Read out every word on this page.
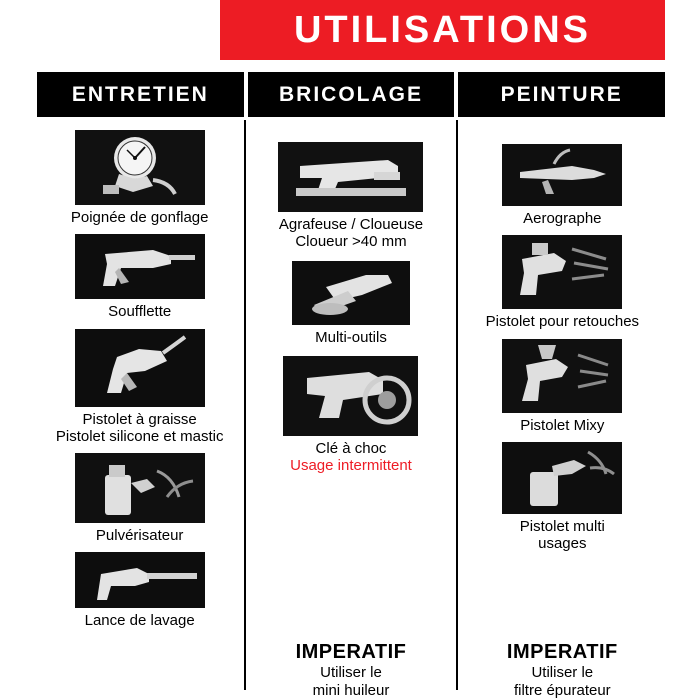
UTILISATIONS
ENTRETIEN	BRICOLAGE	PEINTURE
Poignée de gonflage
Soufflette
Pistolet à graisse
Pistolet silicone et mastic
Pulvérisateur
Lance de lavage
Agrafeuse / Cloueuse
Cloueur >40 mm
Multi-outils
Clé à choc
Usage intermittent
IMPERATIF
Utiliser le
mini huileur
Aerographe
Pistolet pour retouches
Pistolet Mixy
Pistolet multi
usages
IMPERATIF
Utiliser le
filtre épurateur
